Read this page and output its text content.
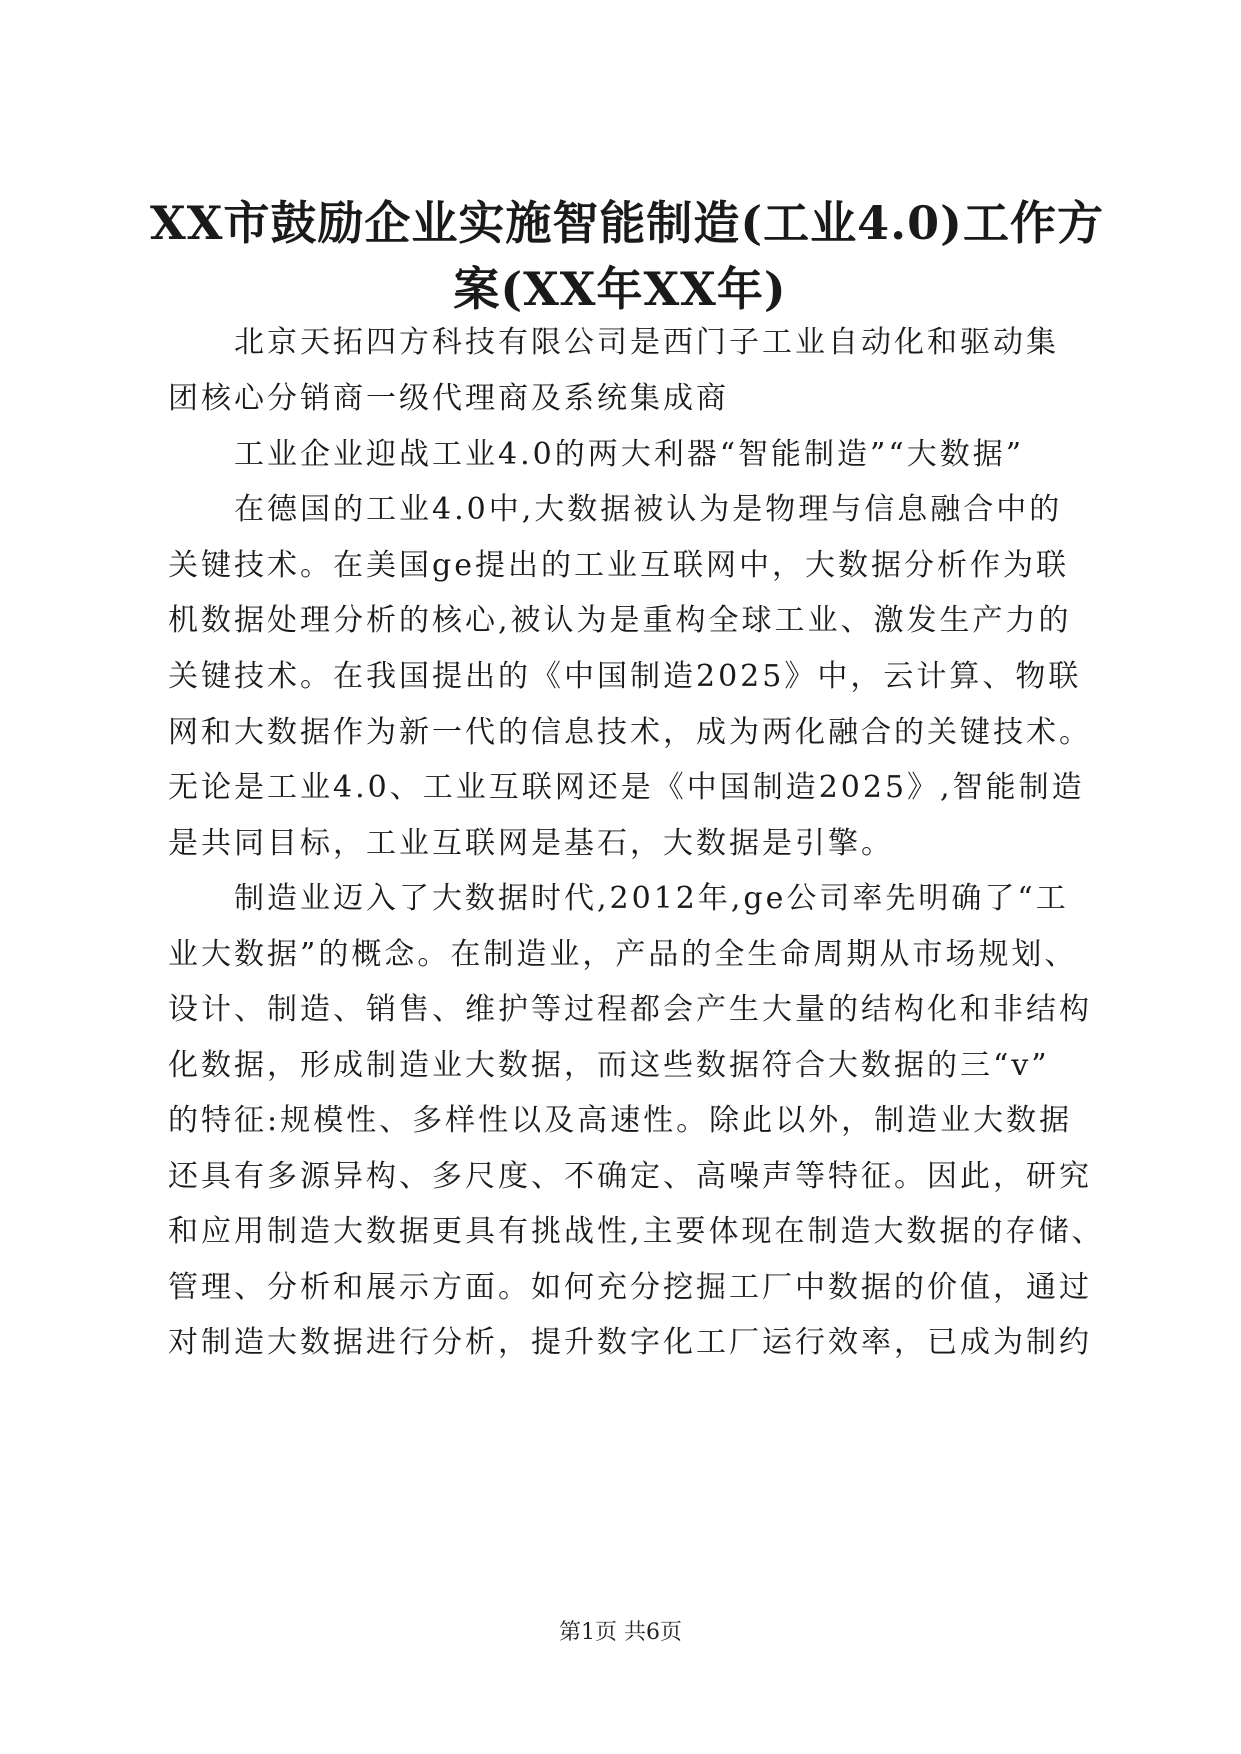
XX市鼓励企业实施智能制造(工业4.0)工作方
案(XX年XX年)
北京天拓四方科技有限公司是西门子工业自动化和驱动集
团核心分销商一级代理商及系统集成商
工业企业迎战工业4.0的两大利器“智能制造”“大数据”
在德国的工业4.0中,大数据被认为是物理与信息融合中的
关键技术。在美国ge提出的工业互联网中，大数据分析作为联
机数据处理分析的核心,被认为是重构全球工业、激发生产力的
关键技术。在我国提出的《中国制造2025》中，云计算、物联
网和大数据作为新一代的信息技术，成为两化融合的关键技术。
无论是工业4.0、工业互联网还是《中国制造2025》,智能制造
是共同目标，工业互联网是基石，大数据是引擎。
制造业迈入了大数据时代,2012年,ge公司率先明确了“工
业大数据”的概念。在制造业，产品的全生命周期从市场规划、
设计、制造、销售、维护等过程都会产生大量的结构化和非结构
化数据，形成制造业大数据，而这些数据符合大数据的三“v”
的特征:规模性、多样性以及高速性。除此以外，制造业大数据
还具有多源异构、多尺度、不确定、高噪声等特征。因此，研究
和应用制造大数据更具有挑战性,主要体现在制造大数据的存储、
管理、分析和展示方面。如何充分挖掘工厂中数据的价值，通过
对制造大数据进行分析，提升数字化工厂运行效率，已成为制约
第1页 共6页
